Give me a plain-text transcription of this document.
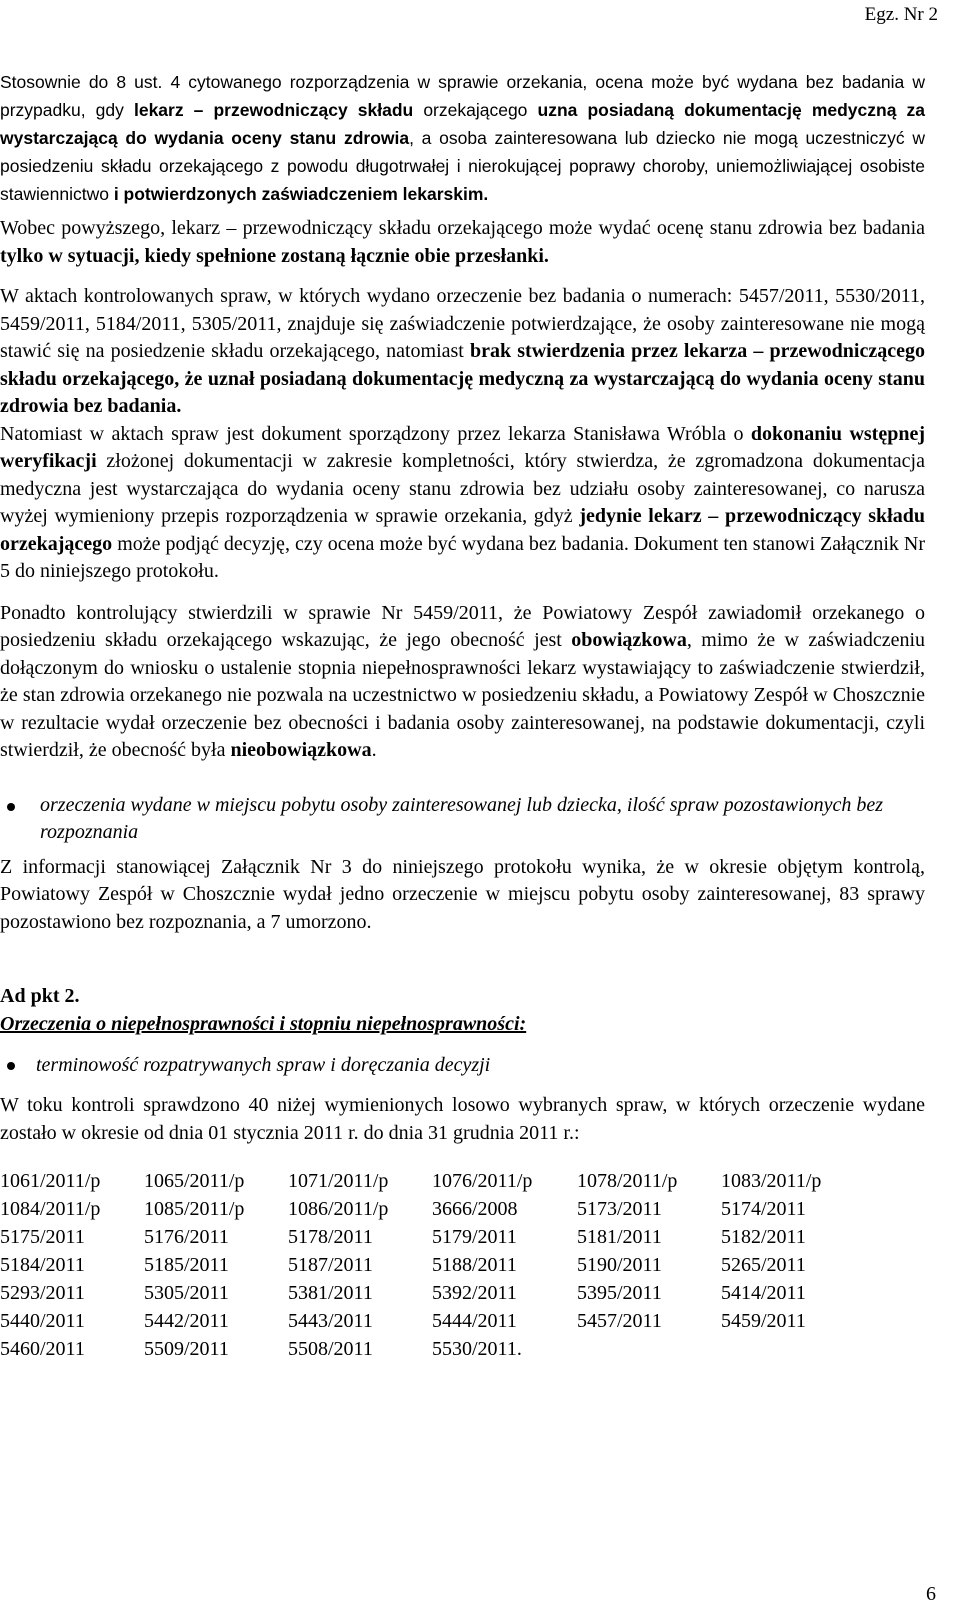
Egz. Nr 2

Stosownie do 8 ust. 4 cytowanego rozporządzenia w sprawie orzekania, ocena może być wydana bez badania w przypadku, gdy lekarz – przewodniczący składu orzekającego uzna posiadaną dokumentację medyczną za wystarczającą do wydania oceny stanu zdrowia, a osoba zainteresowana lub dziecko nie mogą uczestniczyć w posiedzeniu składu orzekającego z powodu długotrwałej i nierokującej poprawy choroby, uniemożliwiającej osobiste stawiennictwo i potwierdzonych zaświadczeniem lekarskim.

Wobec powyższego, lekarz – przewodniczący składu orzekającego może wydać ocenę stanu zdrowia bez badania tylko w sytuacji, kiedy spełnione zostaną łącznie obie przesłanki.

W aktach kontrolowanych spraw, w których wydano orzeczenie bez badania o numerach: 5457/2011, 5530/2011, 5459/2011, 5184/2011, 5305/2011, znajduje się zaświadczenie potwierdzające, że osoby zainteresowane nie mogą stawić się na posiedzenie składu orzekającego, natomiast brak stwierdzenia przez lekarza – przewodniczącego składu orzekającego, że uznał posiadaną dokumentację medyczną za wystarczającą do wydania oceny stanu zdrowia bez badania.

Natomiast w aktach spraw jest dokument sporządzony przez lekarza Stanisława Wróbla o dokonaniu wstępnej weryfikacji złożonej dokumentacji w zakresie kompletności, który stwierdza, że zgromadzona dokumentacja medyczna jest wystarczająca do wydania oceny stanu zdrowia bez udziału osoby zainteresowanej, co narusza wyżej wymieniony przepis rozporządzenia w sprawie orzekania, gdyż jedynie lekarz – przewodniczący składu orzekającego może podjąć decyzję, czy ocena może być wydana bez badania. Dokument ten stanowi Załącznik Nr 5 do niniejszego protokołu.

Ponadto kontrolujący stwierdzili w sprawie Nr 5459/2011, że Powiatowy Zespół zawiadomił orzekanego o posiedzeniu składu orzekającego wskazując, że jego obecność jest obowiązkowa, mimo że w zaświadczeniu dołączonym do wniosku o ustalenie stopnia niepełnosprawności lekarz wystawiający to zaświadczenie stwierdził, że stan zdrowia orzekanego nie pozwala na uczestnictwo w posiedzeniu składu, a Powiatowy Zespół w Choszcznie w rezultacie wydał orzeczenie bez obecności i badania osoby zainteresowanej, na podstawie dokumentacji, czyli stwierdził, że obecność była nieobowiązkowa.

orzeczenia wydane w miejscu pobytu osoby zainteresowanej lub dziecka, ilość spraw pozostawionych bez rozpoznania

Z informacji stanowiącej Załącznik Nr 3 do niniejszego protokołu wynika, że w okresie objętym kontrolą, Powiatowy Zespół w Choszcznie wydał jedno orzeczenie w miejscu pobytu osoby zainteresowanej, 83 sprawy pozostawiono bez rozpoznania, a 7 umorzono.

Ad pkt 2.
Orzeczenia o niepełnosprawności i stopniu niepełnosprawności:
terminowość rozpatrywanych spraw i doręczania decyzji

W toku kontroli sprawdzono 40 niżej wymienionych losowo wybranych spraw, w których orzeczenie wydane zostało w okresie od dnia 01 stycznia 2011 r. do dnia 31 grudnia 2011 r.:

1061/2011/p	1065/2011/p	1071/2011/p	1076/2011/p	1078/2011/p	1083/2011/p
1084/2011/p	1085/2011/p	1086/2011/p	3666/2008	5173/2011	5174/2011
5175/2011	5176/2011	5178/2011	5179/2011	5181/2011	5182/2011
5184/2011	5185/2011	5187/2011	5188/2011	5190/2011	5265/2011
5293/2011	5305/2011	5381/2011	5392/2011	5395/2011	5414/2011
5440/2011	5442/2011	5443/2011	5444/2011	5457/2011	5459/2011
5460/2011	5509/2011	5508/2011	5530/2011.
6
